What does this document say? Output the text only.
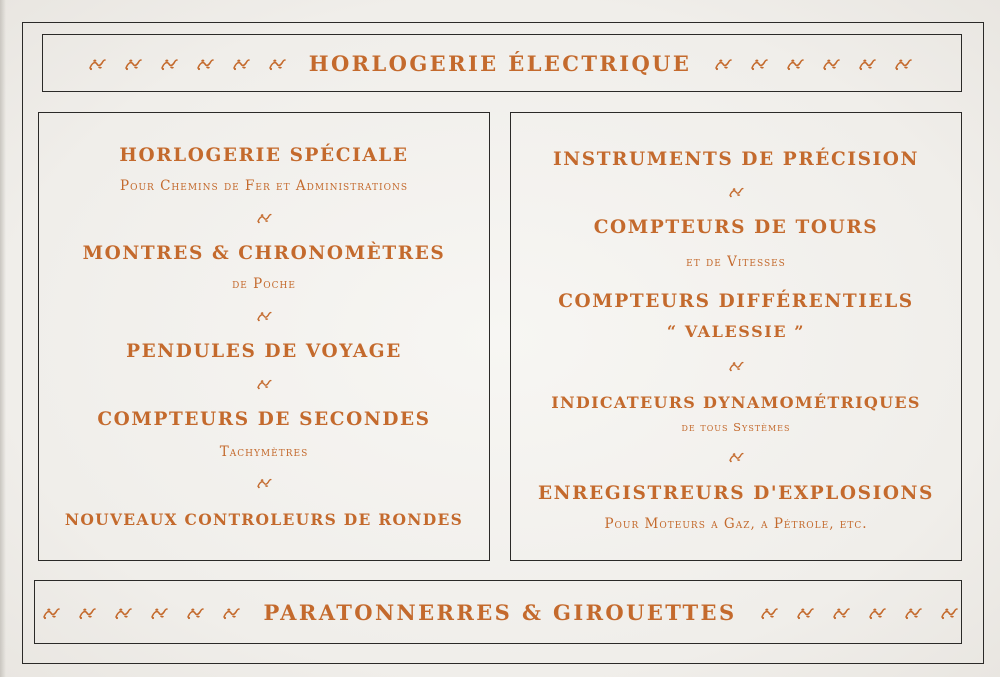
HORLOGERIE ÉLECTRIQUE
HORLOGERIE SPÉCIALE
Pour Chemins de Fer et Administrations
MONTRES & CHRONOMÈTRES
de Poche
PENDULES DE VOYAGE
COMPTEURS DE SECONDES
Tachymètres
NOUVEAUX CONTROLEURS DE RONDES
INSTRUMENTS DE PRÉCISION
COMPTEURS DE TOURS
et de Vitesses
COMPTEURS DIFFÉRENTIELS
“ VALESSIE ”
INDICATEURS DYNAMOMÉTRIQUES
de tous Systèmes
ENREGISTREURS D'EXPLOSIONS
Pour Moteurs a Gaz, a Pétrole, etc.
PARATONNERRES & GIROUETTES
